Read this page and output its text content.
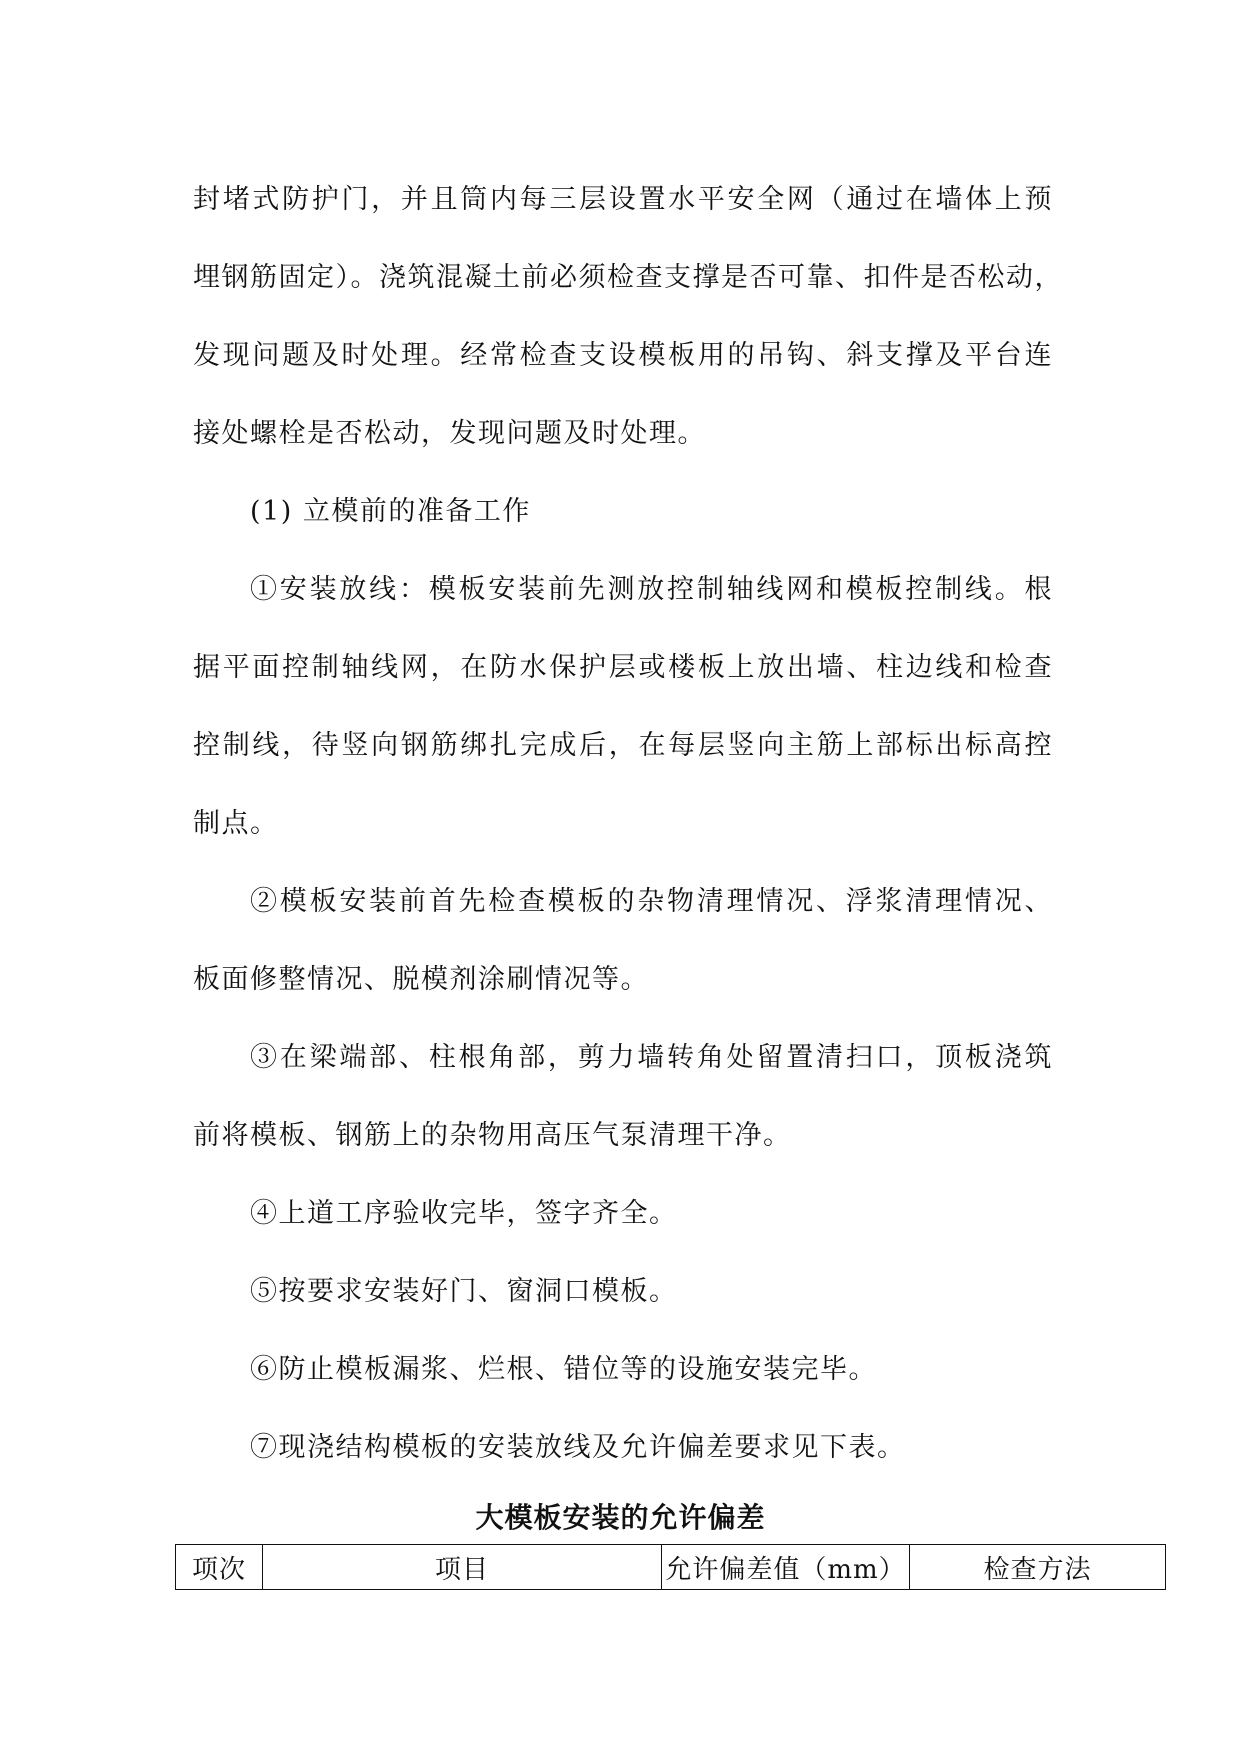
封堵式防护门，并且筒内每三层设置水平安全网（通过在墙体上预
埋钢筋固定）。浇筑混凝土前必须检查支撑是否可靠、扣件是否松动，
发现问题及时处理。经常检查支设模板用的吊钩、斜支撑及平台连
接处螺栓是否松动，发现问题及时处理。
(1) 立模前的准备工作
①安装放线：模板安装前先测放控制轴线网和模板控制线。根
据平面控制轴线网，在防水保护层或楼板上放出墙、柱边线和检查
控制线，待竖向钢筋绑扎完成后，在每层竖向主筋上部标出标高控
制点。
②模板安装前首先检查模板的杂物清理情况、浮浆清理情况、
板面修整情况、脱模剂涂刷情况等。
③在梁端部、柱根角部，剪力墙转角处留置清扫口，顶板浇筑
前将模板、钢筋上的杂物用高压气泵清理干净。
④上道工序验收完毕，签字齐全。
⑤按要求安装好门、窗洞口模板。
⑥防止模板漏浆、烂根、错位等的设施安装完毕。
⑦现浇结构模板的安装放线及允许偏差要求见下表。
大模板安装的允许偏差
项次	项目	允许偏差值（mm）	检查方法
